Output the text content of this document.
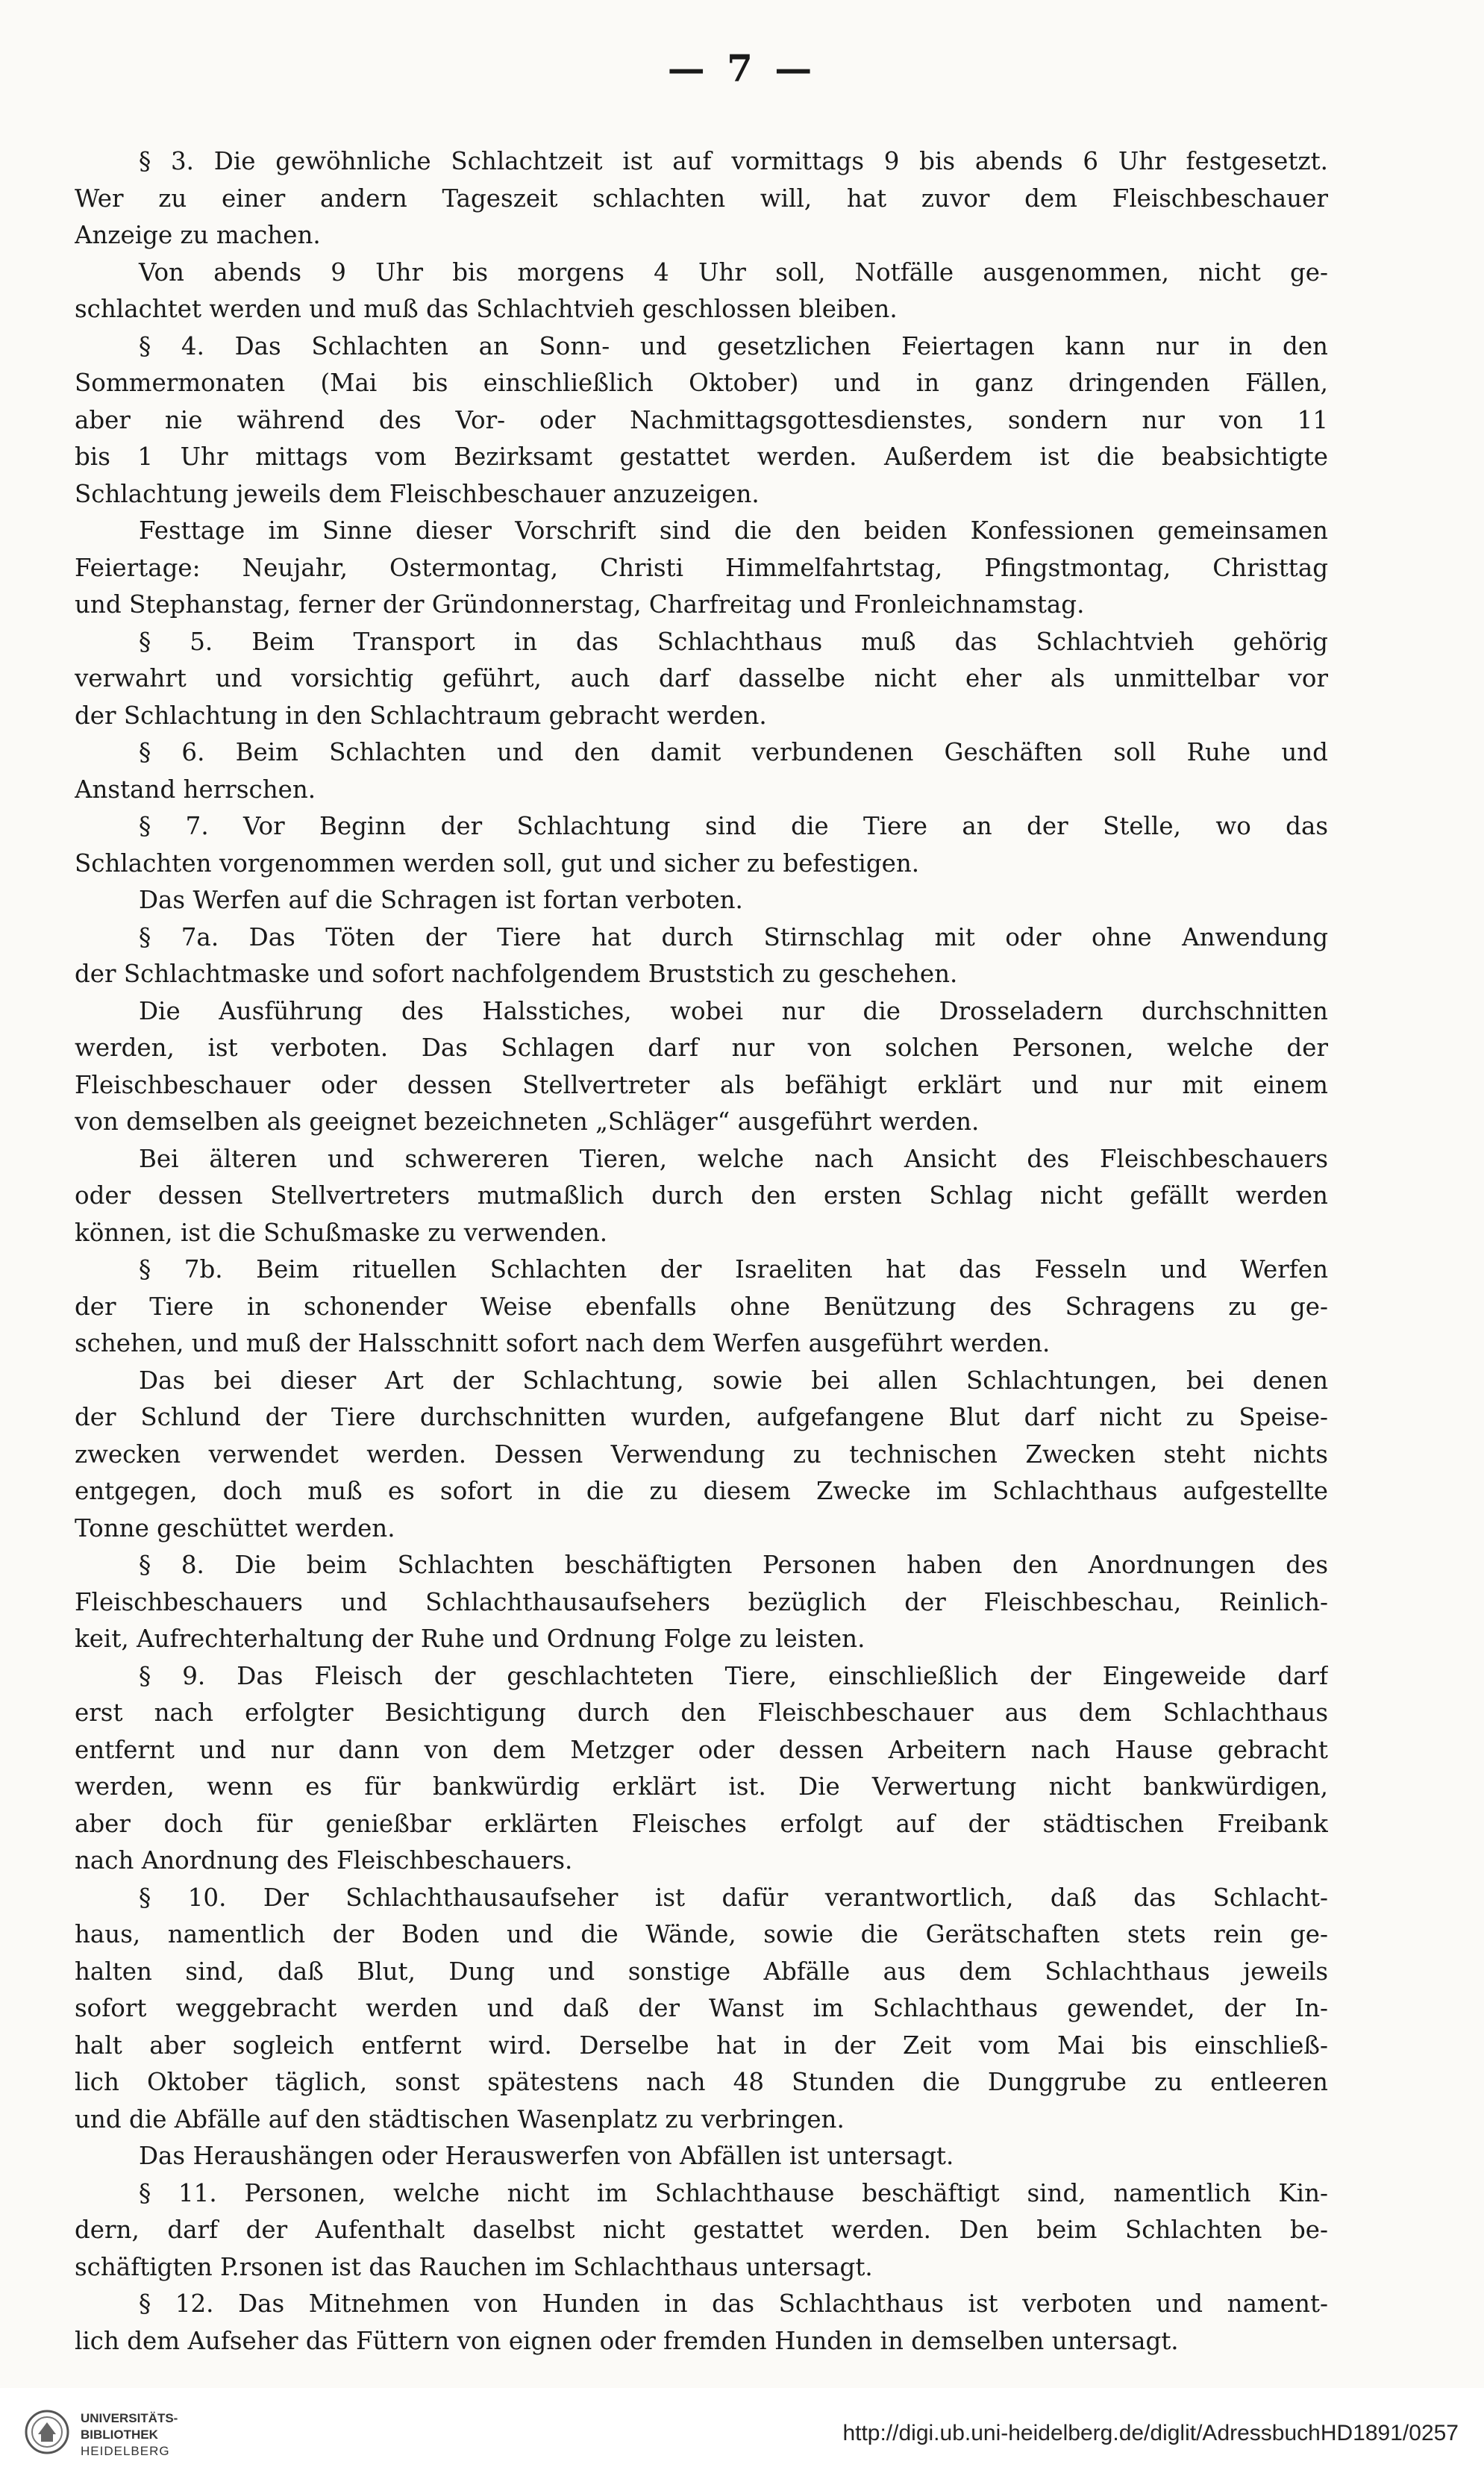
— 7 —
§ 3. Die gewöhnliche Schlachtzeit ist auf vormittags 9 bis abends 6 Uhr festgesetzt.
Wer zu einer andern Tageszeit schlachten will, hat zuvor dem Fleischbeschauer
Anzeige zu machen.
Von abends 9 Uhr bis morgens 4 Uhr soll, Notfälle ausgenommen, nicht ge-
schlachtet werden und muß das Schlachtvieh geschlossen bleiben.
§ 4. Das Schlachten an Sonn- und gesetzlichen Feiertagen kann nur in den
Sommermonaten (Mai bis einschließlich Oktober) und in ganz dringenden Fällen,
aber nie während des Vor- oder Nachmittagsgottesdienstes, sondern nur von 11
bis 1 Uhr mittags vom Bezirksamt gestattet werden. Außerdem ist die beabsichtigte
Schlachtung jeweils dem Fleischbeschauer anzuzeigen.
Festtage im Sinne dieser Vorschrift sind die den beiden Konfessionen gemeinsamen
Feiertage: Neujahr, Ostermontag, Christi Himmelfahrtstag, Pfingstmontag, Christtag
und Stephanstag, ferner der Gründonnerstag, Charfreitag und Fronleichnamstag.
§ 5. Beim Transport in das Schlachthaus muß das Schlachtvieh gehörig
verwahrt und vorsichtig geführt, auch darf dasselbe nicht eher als unmittelbar vor
der Schlachtung in den Schlachtraum gebracht werden.
§ 6. Beim Schlachten und den damit verbundenen Geschäften soll Ruhe und
Anstand herrschen.
§ 7. Vor Beginn der Schlachtung sind die Tiere an der Stelle, wo das
Schlachten vorgenommen werden soll, gut und sicher zu befestigen.
Das Werfen auf die Schragen ist fortan verboten.
§ 7a. Das Töten der Tiere hat durch Stirnschlag mit oder ohne Anwendung
der Schlachtmaske und sofort nachfolgendem Bruststich zu geschehen.
Die Ausführung des Halsstiches, wobei nur die Drosseladern durchschnitten
werden, ist verboten. Das Schlagen darf nur von solchen Personen, welche der
Fleischbeschauer oder dessen Stellvertreter als befähigt erklärt und nur mit einem
von demselben als geeignet bezeichneten „Schläger“ ausgeführt werden.
Bei älteren und schwereren Tieren, welche nach Ansicht des Fleischbeschauers
oder dessen Stellvertreters mutmaßlich durch den ersten Schlag nicht gefällt werden
können, ist die Schußmaske zu verwenden.
§ 7b. Beim rituellen Schlachten der Israeliten hat das Fesseln und Werfen
der Tiere in schonender Weise ebenfalls ohne Benützung des Schragens zu ge-
schehen, und muß der Halsschnitt sofort nach dem Werfen ausgeführt werden.
Das bei dieser Art der Schlachtung, sowie bei allen Schlachtungen, bei denen
der Schlund der Tiere durchschnitten wurden, aufgefangene Blut darf nicht zu Speise-
zwecken verwendet werden. Dessen Verwendung zu technischen Zwecken steht nichts
entgegen, doch muß es sofort in die zu diesem Zwecke im Schlachthaus aufgestellte
Tonne geschüttet werden.
§ 8. Die beim Schlachten beschäftigten Personen haben den Anordnungen des
Fleischbeschauers und Schlachthausaufsehers bezüglich der Fleischbeschau, Reinlich-
keit, Aufrechterhaltung der Ruhe und Ordnung Folge zu leisten.
§ 9. Das Fleisch der geschlachteten Tiere, einschließlich der Eingeweide darf
erst nach erfolgter Besichtigung durch den Fleischbeschauer aus dem Schlachthaus
entfernt und nur dann von dem Metzger oder dessen Arbeitern nach Hause gebracht
werden, wenn es für bankwürdig erklärt ist. Die Verwertung nicht bankwürdigen,
aber doch für genießbar erklärten Fleisches erfolgt auf der städtischen Freibank
nach Anordnung des Fleischbeschauers.
§ 10. Der Schlachthausaufseher ist dafür verantwortlich, daß das Schlacht-
haus, namentlich der Boden und die Wände, sowie die Gerätschaften stets rein ge-
halten sind, daß Blut, Dung und sonstige Abfälle aus dem Schlachthaus jeweils
sofort weggebracht werden und daß der Wanst im Schlachthaus gewendet, der In-
halt aber sogleich entfernt wird. Derselbe hat in der Zeit vom Mai bis einschließ-
lich Oktober täglich, sonst spätestens nach 48 Stunden die Dunggrube zu entleeren
und die Abfälle auf den städtischen Wasenplatz zu verbringen.
Das Heraushängen oder Herauswerfen von Abfällen ist untersagt.
§ 11. Personen, welche nicht im Schlachthause beschäftigt sind, namentlich Kin-
dern, darf der Aufenthalt daselbst nicht gestattet werden. Den beim Schlachten be-
schäftigten P.rsonen ist das Rauchen im Schlachthaus untersagt.
§ 12. Das Mitnehmen von Hunden in das Schlachthaus ist verboten und nament-
lich dem Aufseher das Füttern von eignen oder fremden Hunden in demselben untersagt.
UNIVERSITÄTS-
BIBLIOTHEK
HEIDELBERG
http://digi.ub.uni-heidelberg.de/diglit/AdressbuchHD1891/0257
